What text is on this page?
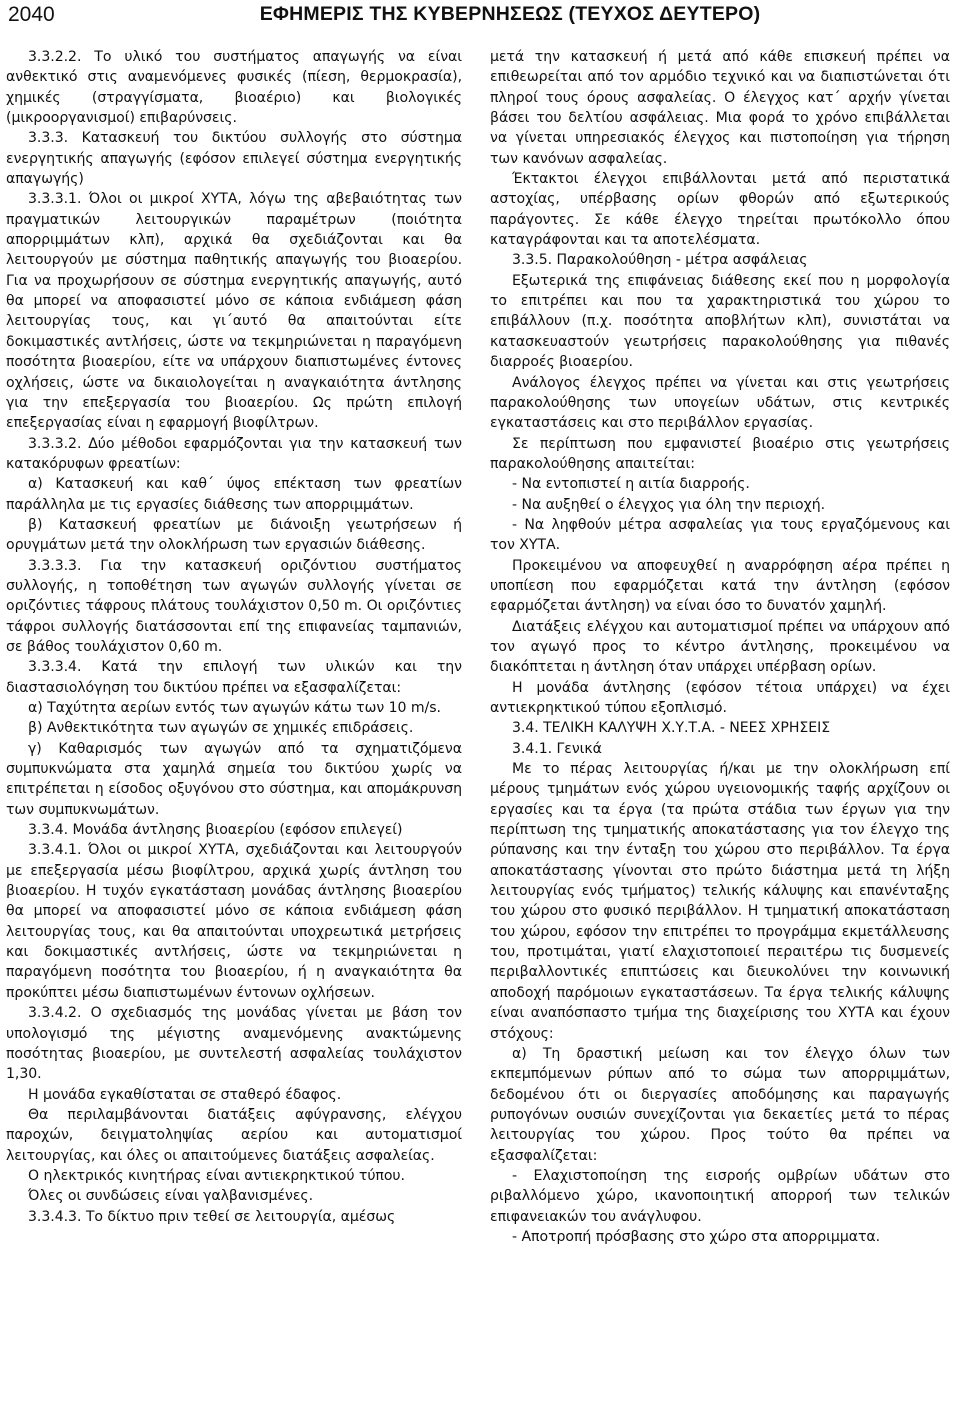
2040	ΕΦΗΜΕΡΙΣ ΤΗΣ ΚΥΒΕΡΝΗΣΕΩΣ (ΤΕΥΧΟΣ ΔΕΥΤΕΡΟ)

3.3.2.2. Το υλικό του συστήματος απαγωγής να είναι ανθεκτικό στις αναμενόμενες φυσικές (πίεση, θερμοκρασία), χημικές (στραγγίσματα, βιοαέριο) και βιολογικές (μικροοργανισμοί) επιβαρύνσεις.

3.3.3. Κατασκευή του δικτύου συλλογής στο σύστημα ενεργητικής απαγωγής (εφόσον επιλεγεί σύστημα ενεργητικής απαγωγής)

3.3.3.1. Όλοι οι μικροί ΧΥΤΑ, λόγω της αβεβαιότητας των πραγματικών λειτουργικών παραμέτρων (ποιότητα απορριμμάτων κλπ), αρχικά θα σχεδιάζονται και θα λειτουργούν με σύστημα παθητικής απαγωγής του βιοαερίου. Για να προχωρήσουν σε σύστημα ενεργητικής απαγωγής, αυτό θα μπορεί να αποφασιστεί μόνο σε κάποια ενδιάμεση φάση λειτουργίας τους, και γι΄αυτό θα απαιτούνται είτε δοκιμαστικές αντλήσεις, ώστε να τεκμηριώνεται η παραγόμενη ποσότητα βιοαερίου, είτε να υπάρχουν διαπιστωμένες έντονες οχλήσεις, ώστε να δικαιολογείται η αναγκαιότητα άντλησης για την επεξεργασία του βιοαερίου. Ως πρώτη επιλογή επεξεργασίας είναι η εφαρμογή βιοφίλτρων.

3.3.3.2. Δύο μέθοδοι εφαρμόζονται για την κατασκευή των κατακόρυφων φρεατίων:

α) Κατασκευή και καθ΄ ύψος επέκταση των φρεατίων παράλληλα με τις εργασίες διάθεσης των απορριμμάτων.

β) Κατασκευή φρεατίων με διάνοιξη γεωτρήσεων ή ορυγμάτων μετά την ολοκλήρωση των εργασιών διάθεσης.

3.3.3.3. Για την κατασκευή οριζόντιου συστήματος συλλογής, η τοποθέτηση των αγωγών συλλογής γίνεται σε οριζόντιες τάφρους πλάτους τουλάχιστον 0,50 m. Οι οριζόντιες τάφροι συλλογής διατάσσονται επί της επιφανείας ταμπανιών, σε βάθος τουλάχιστον 0,60 m.

3.3.3.4. Κατά την επιλογή των υλικών και την διαστασιολόγηση του δικτύου πρέπει να εξασφαλίζεται:

α) Ταχύτητα αερίων εντός των αγωγών κάτω των 10 m/s.

β) Ανθεκτικότητα των αγωγών σε χημικές επιδράσεις.

γ) Καθαρισμός των αγωγών από τα σχηματιζόμενα συμπυκνώματα στα χαμηλά σημεία του δικτύου χωρίς να επιτρέπεται η είσοδος οξυγόνου στο σύστημα, και απομάκρυνση των συμπυκνωμάτων.

3.3.4. Μονάδα άντλησης βιοαερίου (εφόσον επιλεγεί)

3.3.4.1. Όλοι οι μικροί ΧΥΤΑ, σχεδιάζονται και λειτουργούν με επεξεργασία μέσω βιοφίλτρου, αρχικά χωρίς άντληση του βιοαερίου. Η τυχόν εγκατάσταση μονάδας άντλησης βιοαερίου θα μπορεί να αποφασιστεί μόνο σε κάποια ενδιάμεση φάση λειτουργίας τους, και θα απαιτούνται υποχρεωτικά μετρήσεις και δοκιμαστικές αντλήσεις, ώστε να τεκμηριώνεται η παραγόμενη ποσότητα του βιοαερίου, ή η αναγκαιότητα θα προκύπτει μέσω διαπιστωμένων έντονων οχλήσεων.

3.3.4.2. Ο σχεδιασμός της μονάδας γίνεται με βάση τον υπολογισμό της μέγιστης αναμενόμενης ανακτώμενης ποσότητας βιοαερίου, με συντελεστή ασφαλείας τουλάχιστον 1,30.

Η μονάδα εγκαθίσταται σε σταθερό έδαφος.

Θα περιλαμβάνονται διατάξεις αφύγρανσης, ελέγχου παροχών, δειγματοληψίας αερίου και αυτοματισμοί λειτουργίας, και όλες οι απαιτούμενες διατάξεις ασφαλείας.

Ο ηλεκτρικός κινητήρας είναι αντιεκρηκτικού τύπου.

Όλες οι συνδώσεις είναι γαλβανισμένες.

3.3.4.3. Το δίκτυο πριν τεθεί σε λειτουργία, αμέσως

μετά την κατασκευή ή μετά από κάθε επισκευή πρέπει να επιθεωρείται από τον αρμόδιο τεχνικό και να διαπιστώνεται ότι πληροί τους όρους ασφαλείας. Ο έλεγχος κατ΄ αρχήν γίνεται βάσει του δελτίου ασφάλειας. Μια φορά το χρόνο επιβάλλεται να γίνεται υπηρεσιακός έλεγχος και πιστοποίηση για τήρηση των κανόνων ασφαλείας.

Έκτακτοι έλεγχοι επιβάλλονται μετά από περιστατικά αστοχίας, υπέρβασης ορίων φθορών από εξωτερικούς παράγοντες. Σε κάθε έλεγχο τηρείται πρωτόκολλο όπου καταγράφονται και τα αποτελέσματα.

3.3.5. Παρακολούθηση - μέτρα ασφάλειας

Εξωτερικά της επιφάνειας διάθεσης εκεί που η μορφολογία το επιτρέπει και που τα χαρακτηριστικά του χώρου το επιβάλλουν (π.χ. ποσότητα αποβλήτων κλπ), συνιστάται να κατασκευαστούν γεωτρήσεις παρακολούθησης για πιθανές διαρροές βιοαερίου.

Ανάλογος έλεγχος πρέπει να γίνεται και στις γεωτρήσεις παρακολούθησης των υπογείων υδάτων, στις κεντρικές εγκαταστάσεις και στο περιβάλλον εργασίας.

Σε περίπτωση που εμφανιστεί βιοαέριο στις γεωτρήσεις παρακολούθησης απαιτείται:

- Να εντοπιστεί η αιτία διαρροής.

- Να αυξηθεί ο έλεγχος για όλη την περιοχή.

- Να ληφθούν μέτρα ασφαλείας για τους εργαζόμενους και τον ΧΥΤΑ.

Προκειμένου να αποφευχθεί η αναρρόφηση αέρα πρέπει η υποπίεση που εφαρμόζεται κατά την άντληση (εφόσον εφαρμόζεται άντληση) να είναι όσο το δυνατόν χαμηλή.

Διατάξεις ελέγχου και αυτοματισμοί πρέπει να υπάρχουν από τον αγωγό προς το κέντρο άντλησης, προκειμένου να διακόπτεται η άντληση όταν υπάρχει υπέρβαση ορίων.

Η μονάδα άντλησης (εφόσον τέτοια υπάρχει) να έχει αντιεκρηκτικού τύπου εξοπλισμό.

3.4. ΤΕΛΙΚΗ ΚΑΛΥΨΗ Χ.Υ.Τ.Α. - ΝΕΕΣ ΧΡΗΣΕΙΣ

3.4.1. Γενικά

Με το πέρας λειτουργίας ή/και με την ολοκλήρωση επί μέρους τμημάτων ενός χώρου υγειονομικής ταφής αρχίζουν οι εργασίες και τα έργα (τα πρώτα στάδια των έργων για την περίπτωση της τμηματικής αποκατάστασης για τον έλεγχο της ρύπανσης και την ένταξη του χώρου στο περιβάλλον. Τα έργα αποκατάστασης γίνονται στο πρώτο διάστημα μετά τη λήξη λειτουργίας ενός τμήματος) τελικής κάλυψης και επανένταξης του χώρου στο φυσικό περιβάλλον. Η τμηματική αποκατάσταση του χώρου, εφόσον την επιτρέπει το προγράμμα εκμετάλλευσης του, προτιμάται, γιατί ελαχιστοποιεί περαιτέρω τις δυσμενείς περιβαλλοντικές επιπτώσεις και διευκολύνει την κοινωνική αποδοχή παρόμοιων εγκαταστάσεων. Τα έργα τελικής κάλυψης είναι αναπόσπαστο τμήμα της διαχείρισης του ΧΥΤΑ και έχουν στόχους:

α) Τη δραστική μείωση και τον έλεγχο όλων των εκπεμπόμενων ρύπων από το σώμα των απορριμμάτων, δεδομένου ότι οι διεργασίες αποδόμησης και παραγωγής ρυπογόνων ουσιών συνεχίζονται για δεκαετίες μετά το πέρας λειτουργίας του χώρου. Προς τούτο θα πρέπει να εξασφαλίζεται:

- Ελαχιστοποίηση της εισροής ομβρίων υδάτων στο ριβαλλόμενο χώρο, ικανοποιητική απορροή των τελικών επιφανειακών του ανάγλυφου.

- Αποτροπή πρόσβασης στο χώρο στα απορριμματα.
